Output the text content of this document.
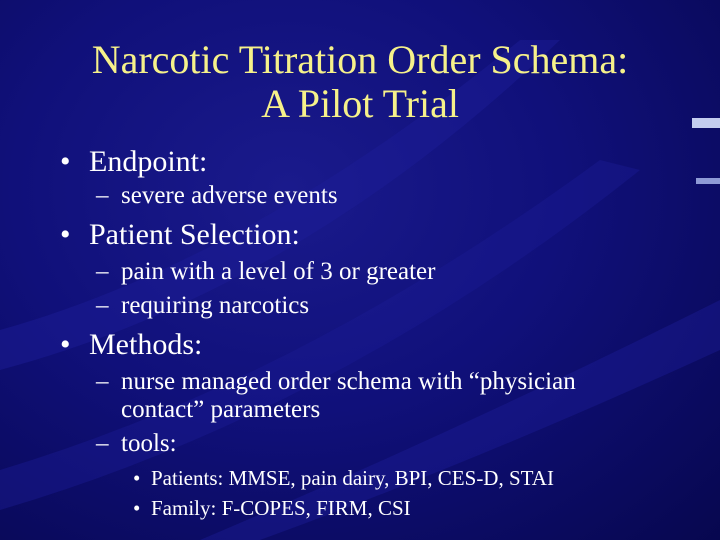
Narcotic Titration Order Schema:
A Pilot Trial
• Endpoint:
– severe adverse events
• Patient Selection:
– pain with a level of 3 or greater
– requiring narcotics
• Methods:
– nurse managed order schema with “physician
contact” parameters
– tools:
• Patients: MMSE, pain dairy, BPI, CES-D, STAI
• Family: F-COPES, FIRM, CSI
